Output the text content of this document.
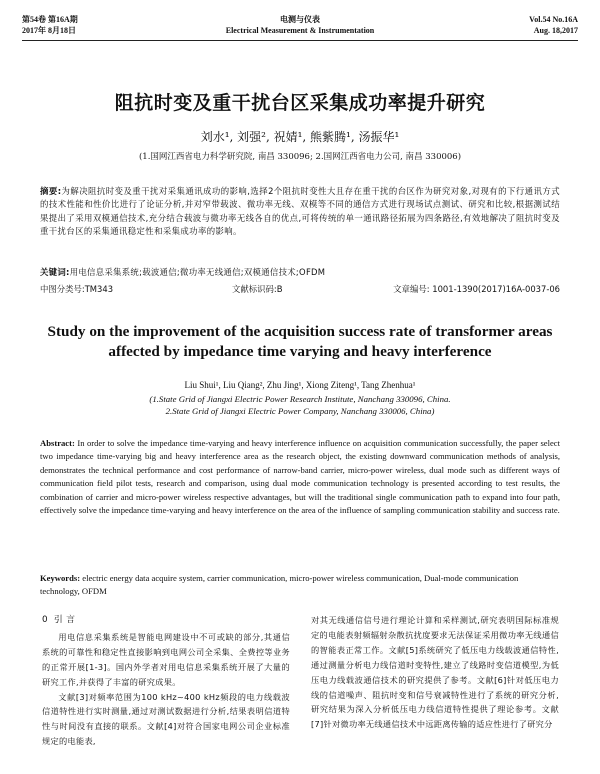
第54卷 第16A期
2017年 8月18日
电测与仪表
Electrical Measurement & Instrumentation
Vol.54 No.16A
Aug. 18,2017
阻抗时变及重干扰台区采集成功率提升研究
刘水¹, 刘强², 祝婧¹, 熊紫腾¹, 汤振华¹
(1.国网江西省电力科学研究院, 南昌 330096; 2.国网江西省电力公司, 南昌 330006)
摘要:为解决阻抗时变及重干扰对采集通讯成功的影响,选择2个阻抗时变性大且存在重干扰的台区作为研究对象,对现有的下行通讯方式的技术性能和性价比进行了论证分析,并对窄带载波、微功率无线、双模等不同的通信方式进行现场试点测试、研究和比较,根据测试结果提出了采用双模通信技术,充分结合载波与微功率无线各自的优点,可将传统的单一通讯路径拓展为四条路径,有效地解决了阻抗时变及重干扰台区的采集通讯稳定性和采集成功率的影响。
关键词:用电信息采集系统;载波通信;微功率无线通信;双模通信技术;OFDM
中图分类号:TM343	文献标识码:B	文章编号: 1001-1390(2017)16A-0037-06
Study on the improvement of the acquisition success rate of transformer areas affected by impedance time varying and heavy interference
Liu Shui¹, Liu Qiang², Zhu Jing¹, Xiong Ziteng¹, Tang Zhenhua¹
(1.State Grid of Jiangxi Electric Power Research Institute, Nanchang 330096, China.
2.State Grid of Jiangxi Electric Power Company, Nanchang 330006, China)
Abstract: In order to solve the impedance time-varying and heavy interference influence on acquisition communication successfully, the paper select two impedance time-varying big and heavy interference area as the research object, the existing downward communication methods of analysis, demonstrates the technical performance and cost performance of narrow-band carrier, micro-power wireless, dual mode such as different ways of communication field pilot tests, research and comparison, using dual mode communication technology is presented according to test results, the combination of carrier and micro-power wireless respective advantages, but will the traditional single communication path to expand into four path, effectively solve the impedance time-varying and heavy interference on the area of the influence of sampling communication stability and success rate.
Keywords: electric energy data acquire system, carrier communication, micro-power wireless communication, Dual-mode communication technology, OFDM
0 引 言

用电信息采集系统是智能电网建设中不可或缺的部分,其通信系统的可靠性和稳定性直接影响到电网公司全采集、全费控等业务的正常开展[1-3]。国内外学者对用电信息采集系统开展了大量的研究工作,并获得了丰富的研究成果。

文献[3]对频率范围为100 kHz~400 kHz频段的电力线载波信道特性进行实时测量,通过对测试数据进行分析,结果表明信道特性与时间没有直接的联系。文献[4]对符合国家电网公司企业标准规定的电能表,

对其无线通信信号进行理论计算和采样测试,研究表明国际标准规定的电能表射频辐射杂散抗扰度要求无法保证采用微功率无线通信的智能表正常工作。文献[5]系统研究了低压电力线载波通信特性,通过测量分析电力线信道时变特性,建立了线路时变信道模型,为低压电力线载波通信技术的研究提供了参考。文献[6]针对低压电力线的信道噪声、阻抗时变和信号衰减特性进行了系统的研究分析,研究结果为深入分析低压电力线信道特性提供了理论参考。文献[7]针对微功率无线通信技术中远距离传输的适应性进行了研究分
